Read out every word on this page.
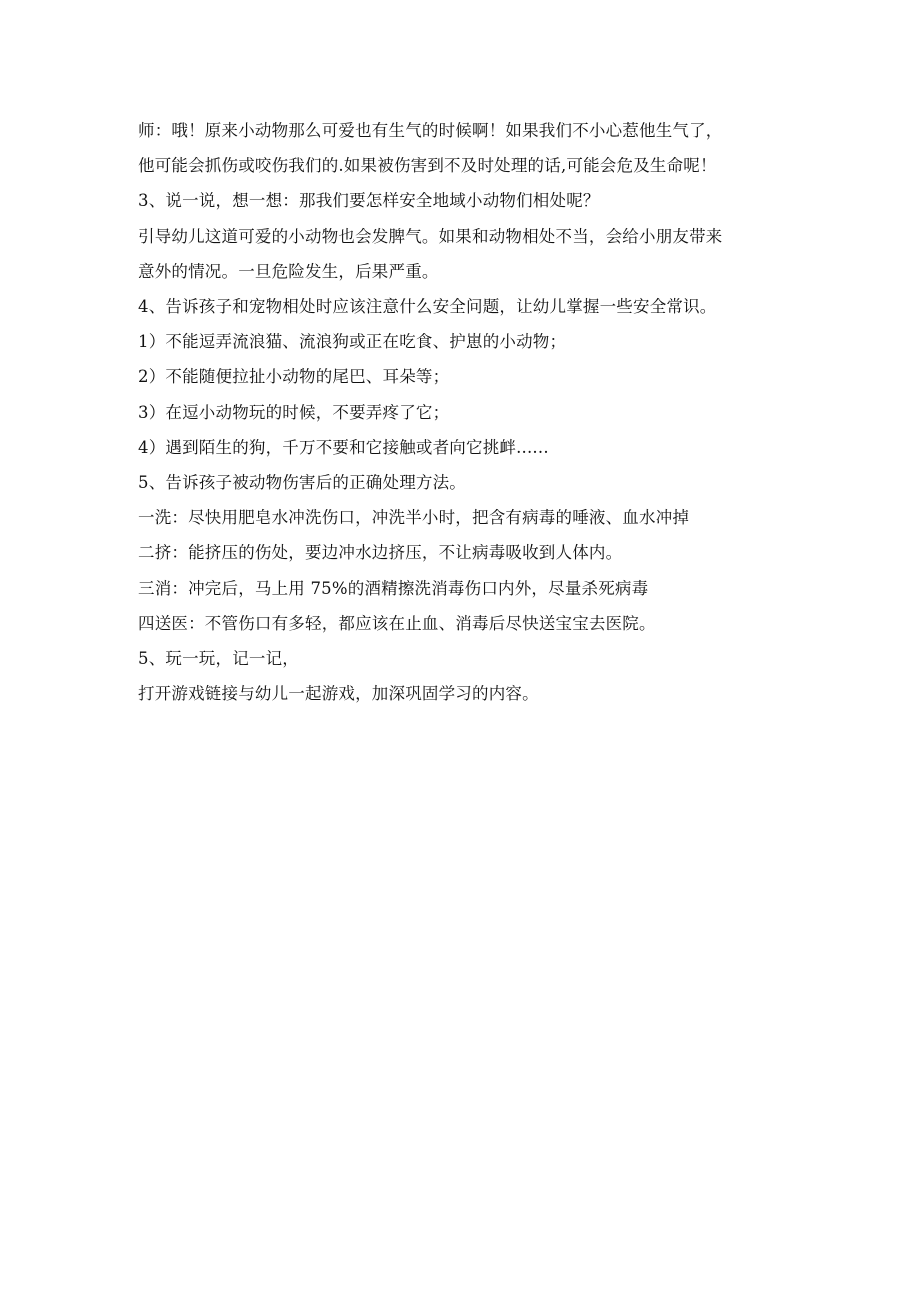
师：哦！原来小动物那么可爱也有生气的时候啊！如果我们不小心惹他生气了，
他可能会抓伤或咬伤我们的.如果被伤害到不及时处理的话,可能会危及生命呢！

3、说一说，想一想：那我们要怎样安全地域小动物们相处呢？

引导幼儿这道可爱的小动物也会发脾气。如果和动物相处不当，会给小朋友带来
意外的情况。一旦危险发生，后果严重。

4、告诉孩子和宠物相处时应该注意什么安全问题，让幼儿掌握一些安全常识。

1）不能逗弄流浪猫、流浪狗或正在吃食、护崽的小动物；

2）不能随便拉扯小动物的尾巴、耳朵等；

3）在逗小动物玩的时候，不要弄疼了它；

4）遇到陌生的狗，千万不要和它接触或者向它挑衅......

5、告诉孩子被动物伤害后的正确处理方法。

一洗：尽快用肥皂水冲洗伤口，冲洗半小时，把含有病毒的唾液、血水冲掉

二挤：能挤压的伤处，要边冲水边挤压，不让病毒吸收到人体内。

三消：冲完后，马上用 75%的酒精擦洗消毒伤口内外，尽量杀死病毒

四送医：不管伤口有多轻，都应该在止血、消毒后尽快送宝宝去医院。

5、玩一玩，记一记，

打开游戏链接与幼儿一起游戏，加深巩固学习的内容。
